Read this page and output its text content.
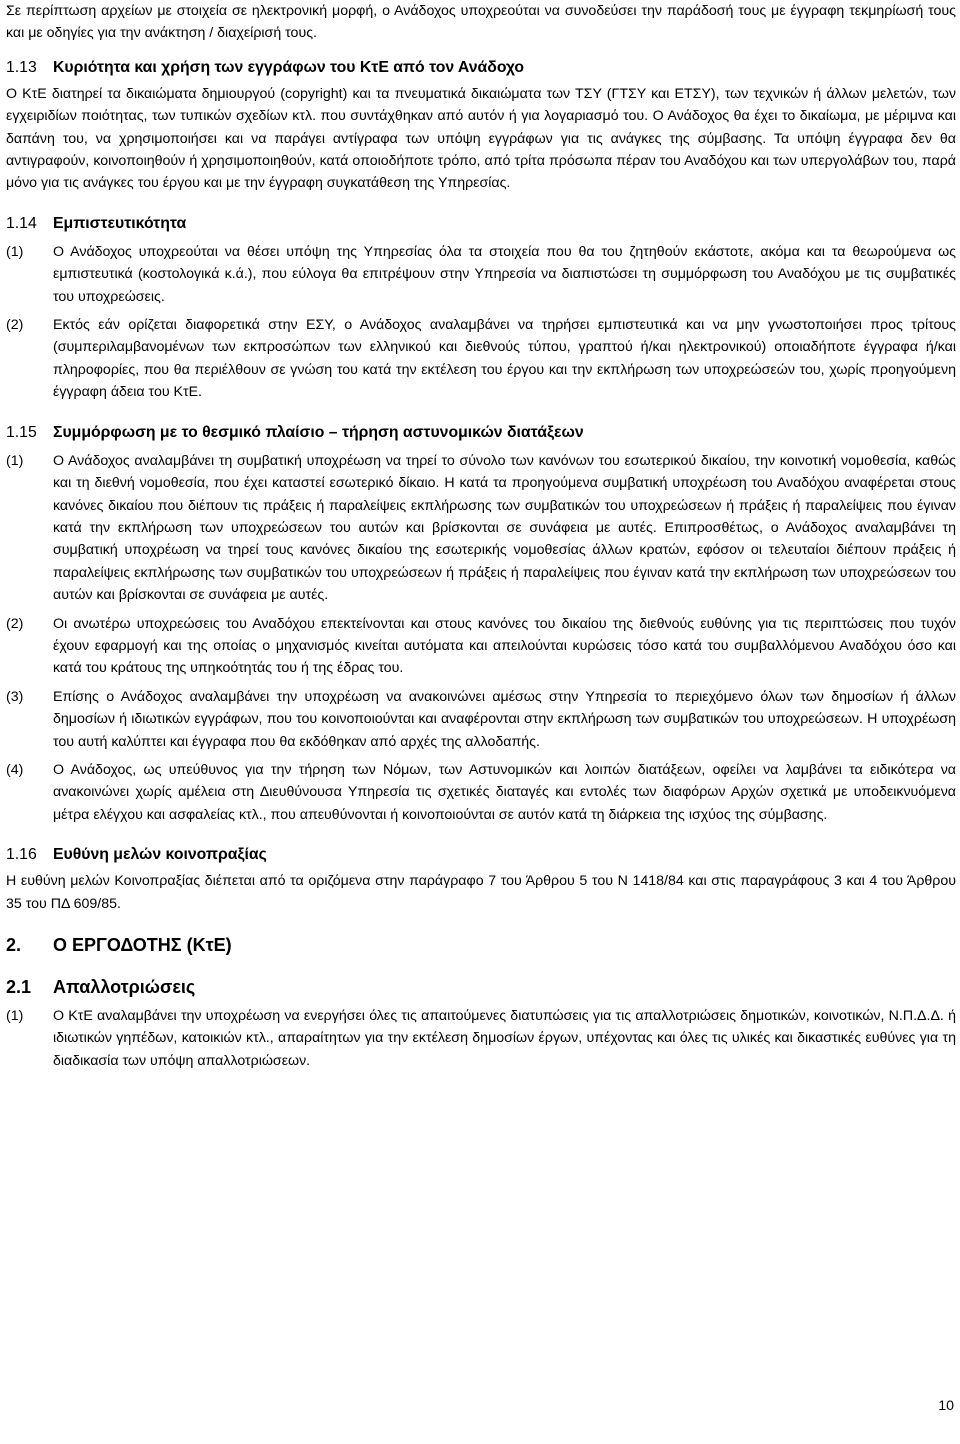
Σε περίπτωση αρχείων με στοιχεία σε ηλεκτρονική μορφή, ο Ανάδοχος υποχρεούται να συνοδεύσει την παράδοσή τους με έγγραφη τεκμηρίωσή τους και με οδηγίες για την ανάκτηση / διαχείρισή τους.

1.13 Κυριότητα και χρήση των εγγράφων του ΚτΕ από τον Ανάδοχο

Ο ΚτΕ διατηρεί τα δικαιώματα δημιουργού (copyright) και τα πνευματικά δικαιώματα των ΤΣΥ (ΓΤΣΥ και ΕΤΣΥ), των τεχνικών ή άλλων μελετών, των εγχειριδίων ποιότητας, των τυπικών σχεδίων κτλ. που συντάχθηκαν από αυτόν ή για λογαριασμό του. Ο Ανάδοχος θα έχει το δικαίωμα, με μέριμνα και δαπάνη του, να χρησιμοποιήσει και να παράγει αντίγραφα των υπόψη εγγράφων για τις ανάγκες της σύμβασης. Τα υπόψη έγγραφα δεν θα αντιγραφούν, κοινοποιηθούν ή χρησιμοποιηθούν, κατά οποιοδήποτε τρόπο, από τρίτα πρόσωπα πέραν του Αναδόχου και των υπεργολάβων του, παρά μόνο για τις ανάγκες του έργου και με την έγγραφη συγκατάθεση της Υπηρεσίας.

1.14 Εμπιστευτικότητα
(1)	Ο Ανάδοχος υποχρεούται να θέσει υπόψη της Υπηρεσίας όλα τα στοιχεία που θα του ζητηθούν εκάστοτε, ακόμα και τα θεωρούμενα ως εμπιστευτικά (κοστολογικά κ.ά.), που εύλογα θα επιτρέψουν στην Υπηρεσία να διαπιστώσει τη συμμόρφωση του Αναδόχου με τις συμβατικές του υποχρεώσεις.

(2)	Εκτός εάν ορίζεται διαφορετικά στην ΕΣΥ, ο Ανάδοχος αναλαμβάνει να τηρήσει εμπιστευτικά και να μην γνωστοποιήσει προς τρίτους (συμπεριλαμβανομένων των εκπροσώπων των ελληνικού και διεθνούς τύπου, γραπτού ή/και ηλεκτρονικού) οποιαδήποτε έγγραφα ή/και πληροφορίες, που θα περιέλθουν σε γνώση του κατά την εκτέλεση του έργου και την εκπλήρωση των υποχρεώσεών του, χωρίς προηγούμενη έγγραφη άδεια του ΚτΕ.

1.15 Συμμόρφωση με το θεσμικό πλαίσιο – τήρηση αστυνομικών διατάξεων
(1)	Ο Ανάδοχος αναλαμβάνει τη συμβατική υποχρέωση να τηρεί το σύνολο των κανόνων του εσωτερικού δικαίου, την κοινοτική νομοθεσία, καθώς και τη διεθνή νομοθεσία, που έχει καταστεί εσωτερικό δίκαιο. Η κατά τα προηγούμενα συμβατική υποχρέωση του Αναδόχου αναφέρεται στους κανόνες δικαίου που διέπουν τις πράξεις ή παραλείψεις εκπλήρωσης των συμβατικών του υποχρεώσεων ή πράξεις ή παραλείψεις που έγιναν κατά την εκπλήρωση των υποχρεώσεων του αυτών και βρίσκονται σε συνάφεια με αυτές. Επιπροσθέτως, ο Ανάδοχος αναλαμβάνει τη συμβατική υποχρέωση να τηρεί τους κανόνες δικαίου της εσωτερικής νομοθεσίας άλλων κρατών, εφόσον οι τελευταίοι διέπουν πράξεις ή παραλείψεις εκπλήρωσης των συμβατικών του υποχρεώσεων ή πράξεις ή παραλείψεις που έγιναν κατά την εκπλήρωση των υποχρεώσεων του αυτών και βρίσκονται σε συνάφεια με αυτές.

(2)	Οι ανωτέρω υποχρεώσεις του Αναδόχου επεκτείνονται και στους κανόνες του δικαίου της διεθνούς ευθύνης για τις περιπτώσεις που τυχόν έχουν εφαρμογή και της οποίας ο μηχανισμός κινείται αυτόματα και απειλούνται κυρώσεις τόσο κατά του συμβαλλόμενου Αναδόχου όσο και κατά του κράτους της υπηκοότητάς του ή της έδρας του.

(3)	Επίσης ο Ανάδοχος αναλαμβάνει την υποχρέωση να ανακοινώνει αμέσως στην Υπηρεσία το περιεχόμενο όλων των δημοσίων ή άλλων δημοσίων ή ιδιωτικών εγγράφων, που του κοινοποιούνται και αναφέρονται στην εκπλήρωση των συμβατικών του υποχρεώσεων. Η υποχρέωση του αυτή καλύπτει και έγγραφα που θα εκδόθηκαν από αρχές της αλλοδαπής.

(4)	Ο Ανάδοχος, ως υπεύθυνος για την τήρηση των Νόμων, των Αστυνομικών και λοιπών διατάξεων, οφείλει να λαμβάνει τα ειδικότερα να ανακοινώνει χωρίς αμέλεια στη Διευθύνουσα Υπηρεσία τις σχετικές διαταγές και εντολές των διαφόρων Αρχών σχετικά με υποδεικνυόμενα μέτρα ελέγχου και ασφαλείας κτλ., που απευθύνονται ή κοινοποιούνται σε αυτόν κατά τη διάρκεια της ισχύος της σύμβασης.

1.16 Ευθύνη μελών κοινοπραξίας

Η ευθύνη μελών Κοινοπραξίας διέπεται από τα οριζόμενα στην παράγραφο 7 του Άρθρου 5 του Ν 1418/84 και στις παραγράφους 3 και 4 του Άρθρου 35 του ΠΔ 609/85.

2. Ο ΕΡΓΟΔΟΤΗΣ (ΚτΕ)
2.1 Απαλλοτριώσεις
(1)	Ο ΚτΕ αναλαμβάνει την υποχρέωση να ενεργήσει όλες τις απαιτούμενες διατυπώσεις για τις απαλλοτριώσεις δημοτικών, κοινοτικών, Ν.Π.Δ.Δ. ή ιδιωτικών γηπέδων, κατοικιών κτλ., απαραίτητων για την εκτέλεση δημοσίων έργων, υπέχοντας και όλες τις υλικές και δικαστικές ευθύνες για τη διαδικασία των υπόψη απαλλοτριώσεων.

10
